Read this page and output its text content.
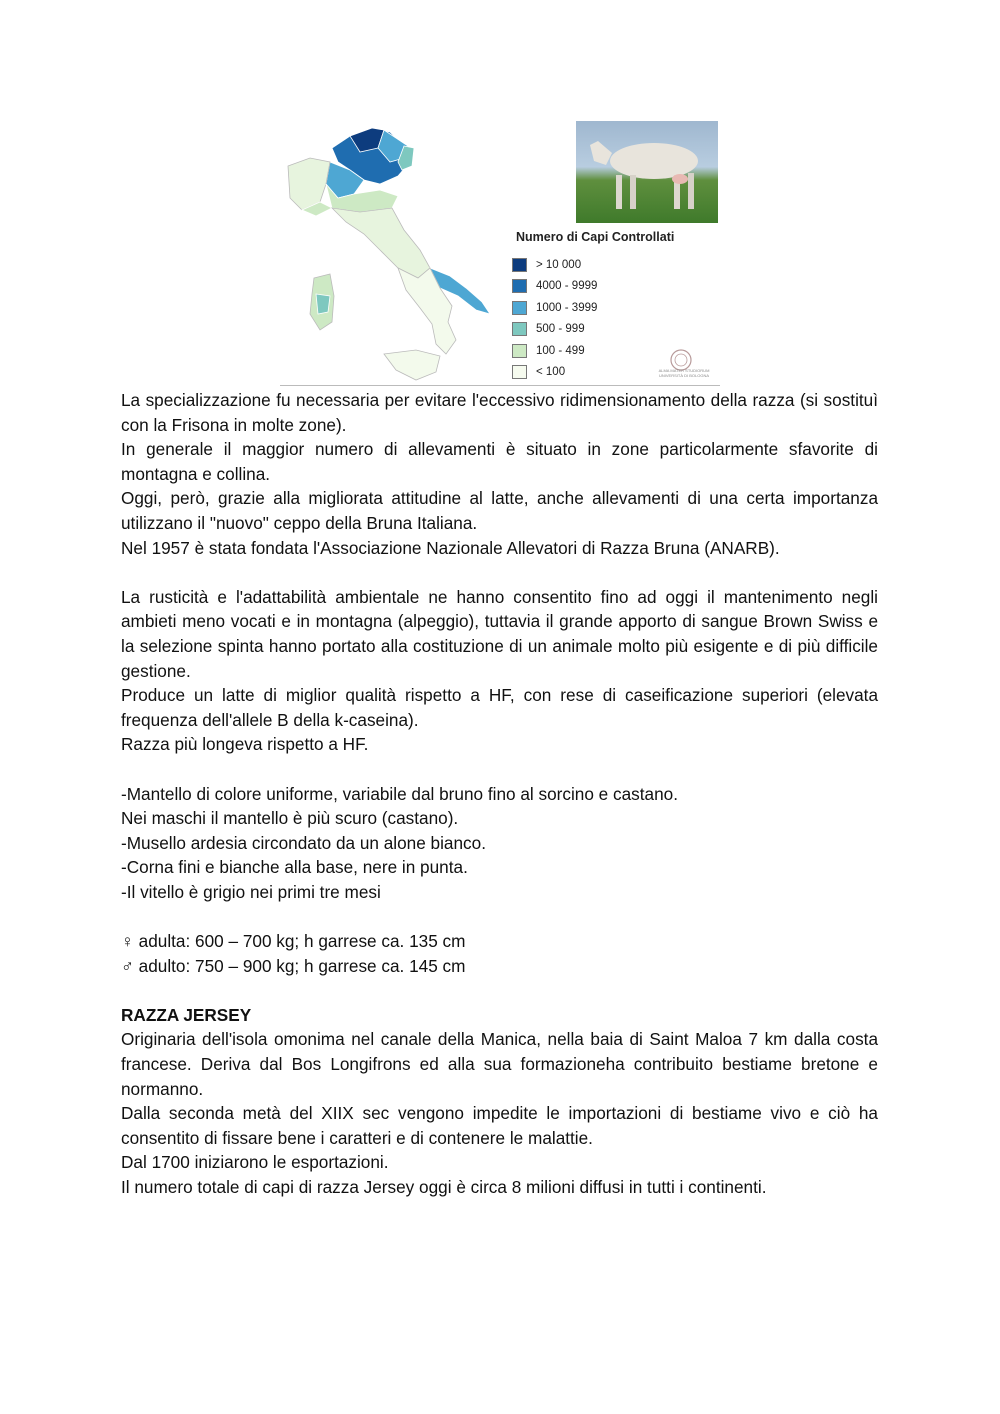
Numero di Capi Controllati
> 10 000
4000 - 9999
1000 - 3999
500 - 999
100 - 499
< 100	ALMA MATER STUDIORUM UNIVERSITÀ DI BOLOGNA

La specializzazione fu necessaria per evitare l'eccessivo ridimensionamento della razza (si sostituì con la Frisona in molte zone).

In generale il maggior numero di allevamenti è situato in zone particolarmente sfavorite di montagna e collina.

Oggi, però, grazie alla migliorata attitudine al latte, anche allevamenti di una certa importanza utilizzano il "nuovo" ceppo della Bruna Italiana.

Nel 1957 è stata fondata l'Associazione Nazionale Allevatori di Razza Bruna (ANARB).

La rusticità e l'adattabilità ambientale ne hanno consentito fino ad oggi il mantenimento negli ambieti meno vocati e in montagna (alpeggio), tuttavia il grande apporto di sangue Brown Swiss e la selezione spinta hanno portato alla costituzione di un animale molto più esigente e di più difficile gestione.

Produce un latte di miglior qualità rispetto a HF, con rese di caseificazione superiori (elevata frequenza dell'allele B della k-caseina).

Razza più longeva rispetto a HF.

-Mantello di colore uniforme, variabile dal bruno fino al sorcino e castano.

Nei maschi il mantello è più scuro (castano).

-Musello ardesia circondato da un alone bianco.

-Corna fini e bianche alla base, nere in punta.

-Il vitello è grigio nei primi tre mesi

♀ adulta: 600 – 700 kg; h garrese ca. 135 cm

♂ adulto: 750 – 900 kg; h garrese ca. 145 cm

RAZZA JERSEY

Originaria dell'isola omonima nel canale della Manica, nella baia di Saint Maloa 7 km dalla costa francese. Deriva dal Bos Longifrons ed alla sua formazioneha contribuito bestiame bretone e normanno.

Dalla seconda metà del XIIX sec vengono impedite le importazioni di bestiame vivo e ciò ha consentito di fissare bene i caratteri e di contenere le malattie.

Dal 1700 iniziarono le esportazioni.

Il numero totale di capi di razza Jersey oggi è circa 8 milioni diffusi in tutti i continenti.
